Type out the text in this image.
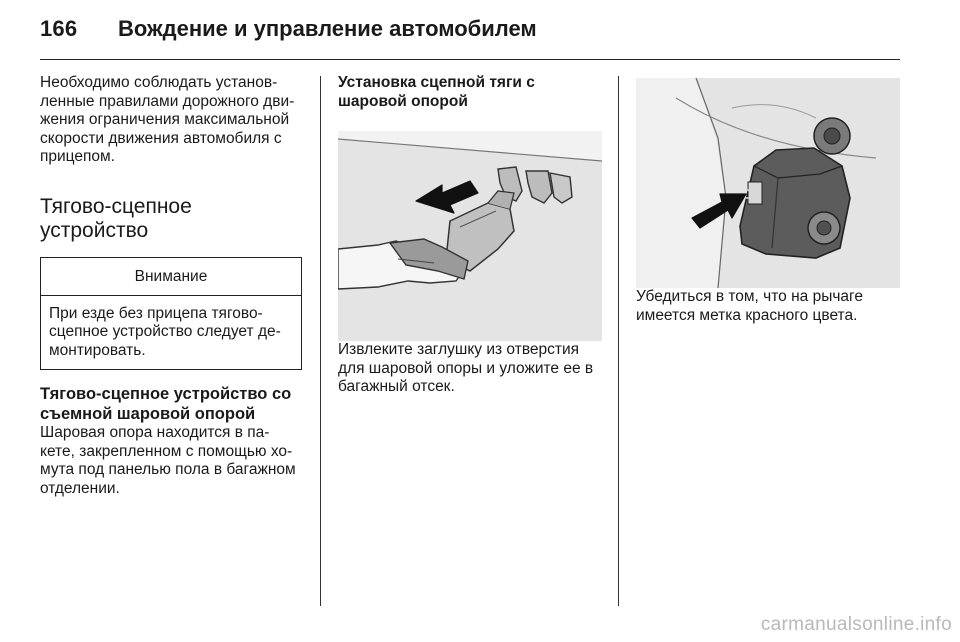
166 Вождение и управление автомобилем

Необходимо соблюдать установ-ленные правилами дорожного дви-жения ограничения максимальной скорости движения автомобиля с прицепом.

Тягово-сцепное устройство
Внимание
При езде без прицепа тягово-сцепное устройство следует де-монтировать.
Тягово-сцепное устройство со съемной шаровой опорой

Шаровая опора находится в па-кете, закрепленном с помощью хо-мута под панелью пола в багажном отделении.

Установка сцепной тяги с шаровой опорой

Извлеките заглушку из отверстия для шаровой опоры и уложите ее в багажный отсек.

Убедиться в том, что на рычаге имеется метка красного цвета.

carmanualsonline.info
